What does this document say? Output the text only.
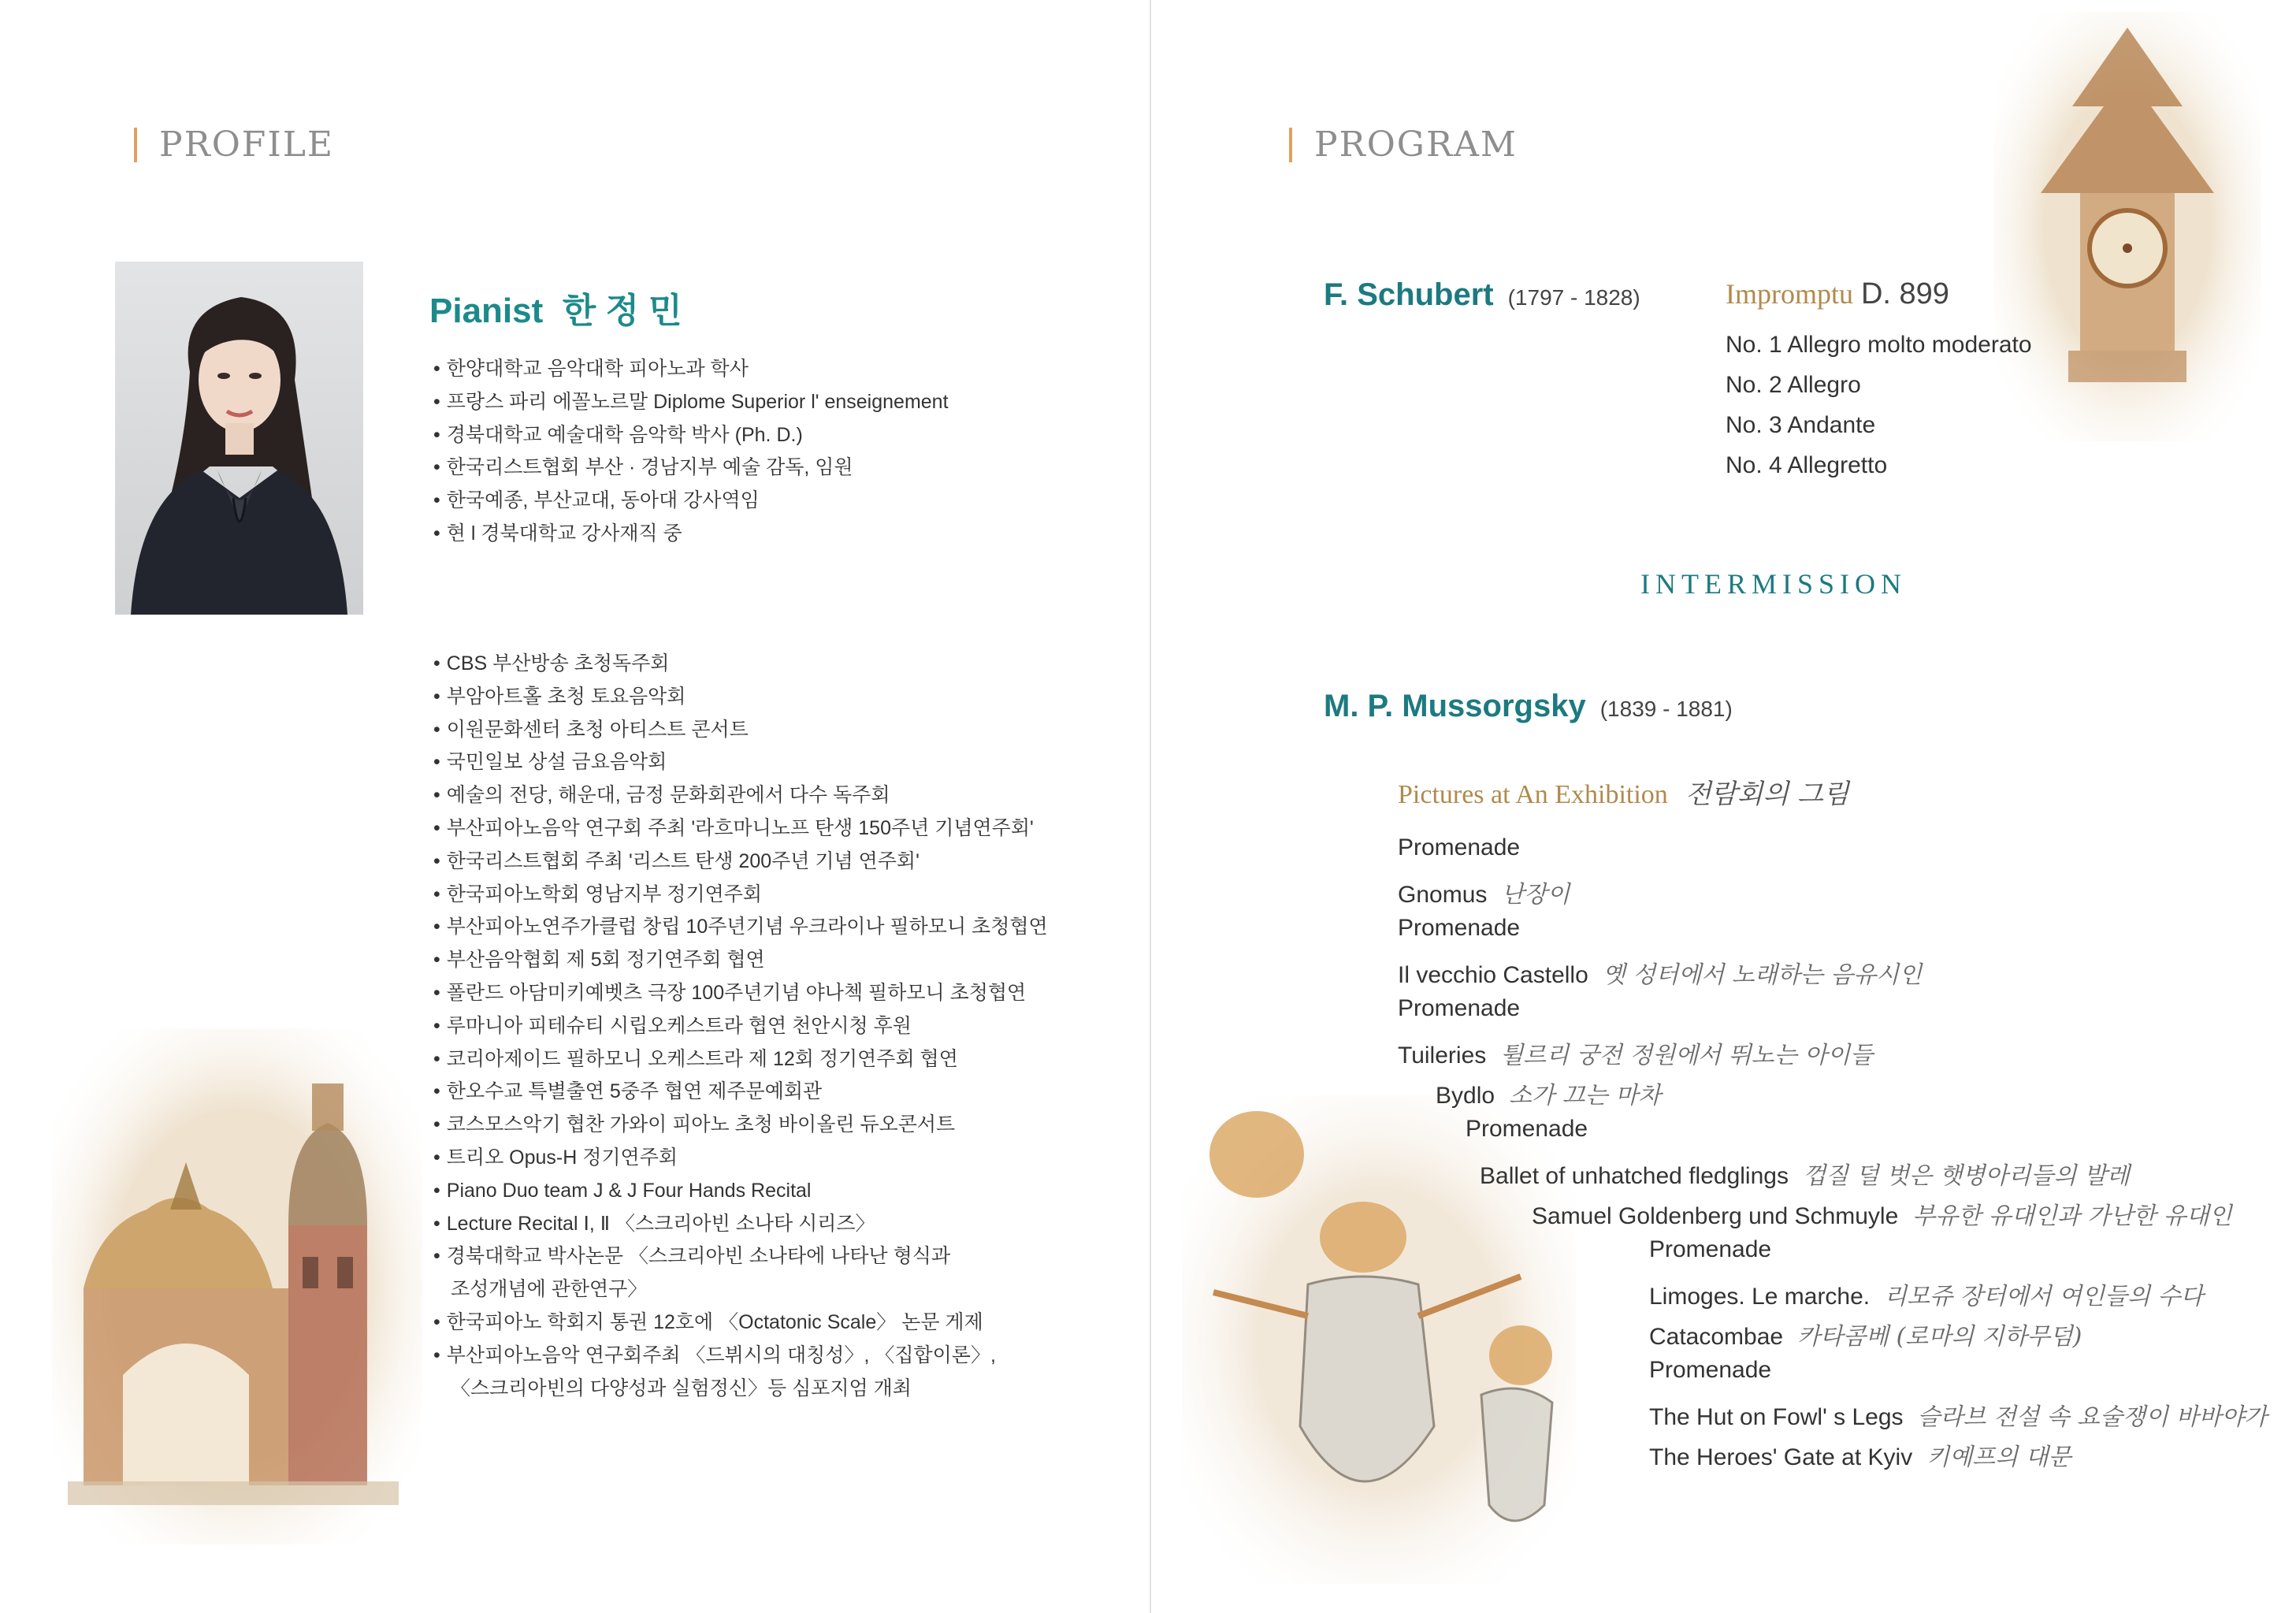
PROFILE
Pianist  한 정 민
• 한양대학교 음악대학 피아노과 학사
• 프랑스 파리 에꼴노르말 Diplome Superior l' enseignement
• 경북대학교 예술대학 음악학 박사 (Ph. D.)
• 한국리스트협회 부산 · 경남지부 예술 감독, 임원
• 한국예종, 부산교대, 동아대 강사역임
• 현 l 경북대학교 강사재직 중
• CBS 부산방송 초청독주회
• 부암아트홀 초청 토요음악회
• 이원문화센터 초청 아티스트 콘서트
• 국민일보 상설 금요음악회
• 예술의 전당, 해운대, 금정 문화회관에서 다수 독주회
• 부산피아노음악 연구회 주최 '라흐마니노프 탄생 150주년 기념연주회'
• 한국리스트협회 주최 '리스트 탄생 200주년 기념 연주회'
• 한국피아노학회 영남지부 정기연주회
• 부산피아노연주가클럽 창립 10주년기념 우크라이나 필하모니 초청협연
• 부산음악협회 제 5회 정기연주회 협연
• 폴란드 아담미키예벳츠 극장 100주년기념 야나첵 필하모니 초청협연
• 루마니아 피테슈티 시립오케스트라 협연 천안시청 후원
• 코리아제이드 필하모니 오케스트라 제 12회 정기연주회 협연
• 한오수교 특별출연 5중주 협연 제주문예회관
• 코스모스악기 협찬 가와이 피아노 초청 바이올린 듀오콘서트
• 트리오 Opus-H 정기연주회
• Piano Duo team J & J Four Hands Recital
• Lecture Recital Ⅰ, Ⅱ 〈스크리아빈 소나타 시리즈〉
• 경북대학교 박사논문 〈스크리아빈 소나타에 나타난 형식과
조성개념에 관한연구〉
• 한국피아노 학회지 통권 12호에 〈Octatonic Scale〉 논문 게제
• 부산피아노음악 연구회주최 〈드뷔시의 대칭성〉, 〈집합이론〉,
〈스크리아빈의 다양성과 실험정신〉등 심포지엄 개최
PROGRAM
F. Schubert (1797 - 1828)	Impromptu D. 899
No. 1 Allegro molto moderato
No. 2 Allegro
No. 3 Andante
No. 4 Allegretto
INTERMISSION
M. P. Mussorgsky (1839 - 1881)
Pictures at An Exhibition 전람회의 그림
Promenade
Gnomus 난장이
Promenade
Il vecchio Castello 옛 성터에서 노래하는 음유시인
Promenade
Tuileries 튈르리 궁전 정원에서 뛰노는 아이들
Bydlo 소가 끄는 마차
Promenade
Ballet of unhatched fledglings 껍질 덜 벗은 햇병아리들의 발레
Samuel Goldenberg und Schmuyle 부유한 유대인과 가난한 유대인
Promenade
Limoges. Le marche. 리모쥬 장터에서 여인들의 수다
Catacombae 카타콤베 (로마의 지하무덤)
Promenade
The Hut on Fowl' s Legs 슬라브 전설 속 요술쟁이 바바야가
The Heroes' Gate at Kyiv 키예프의 대문
